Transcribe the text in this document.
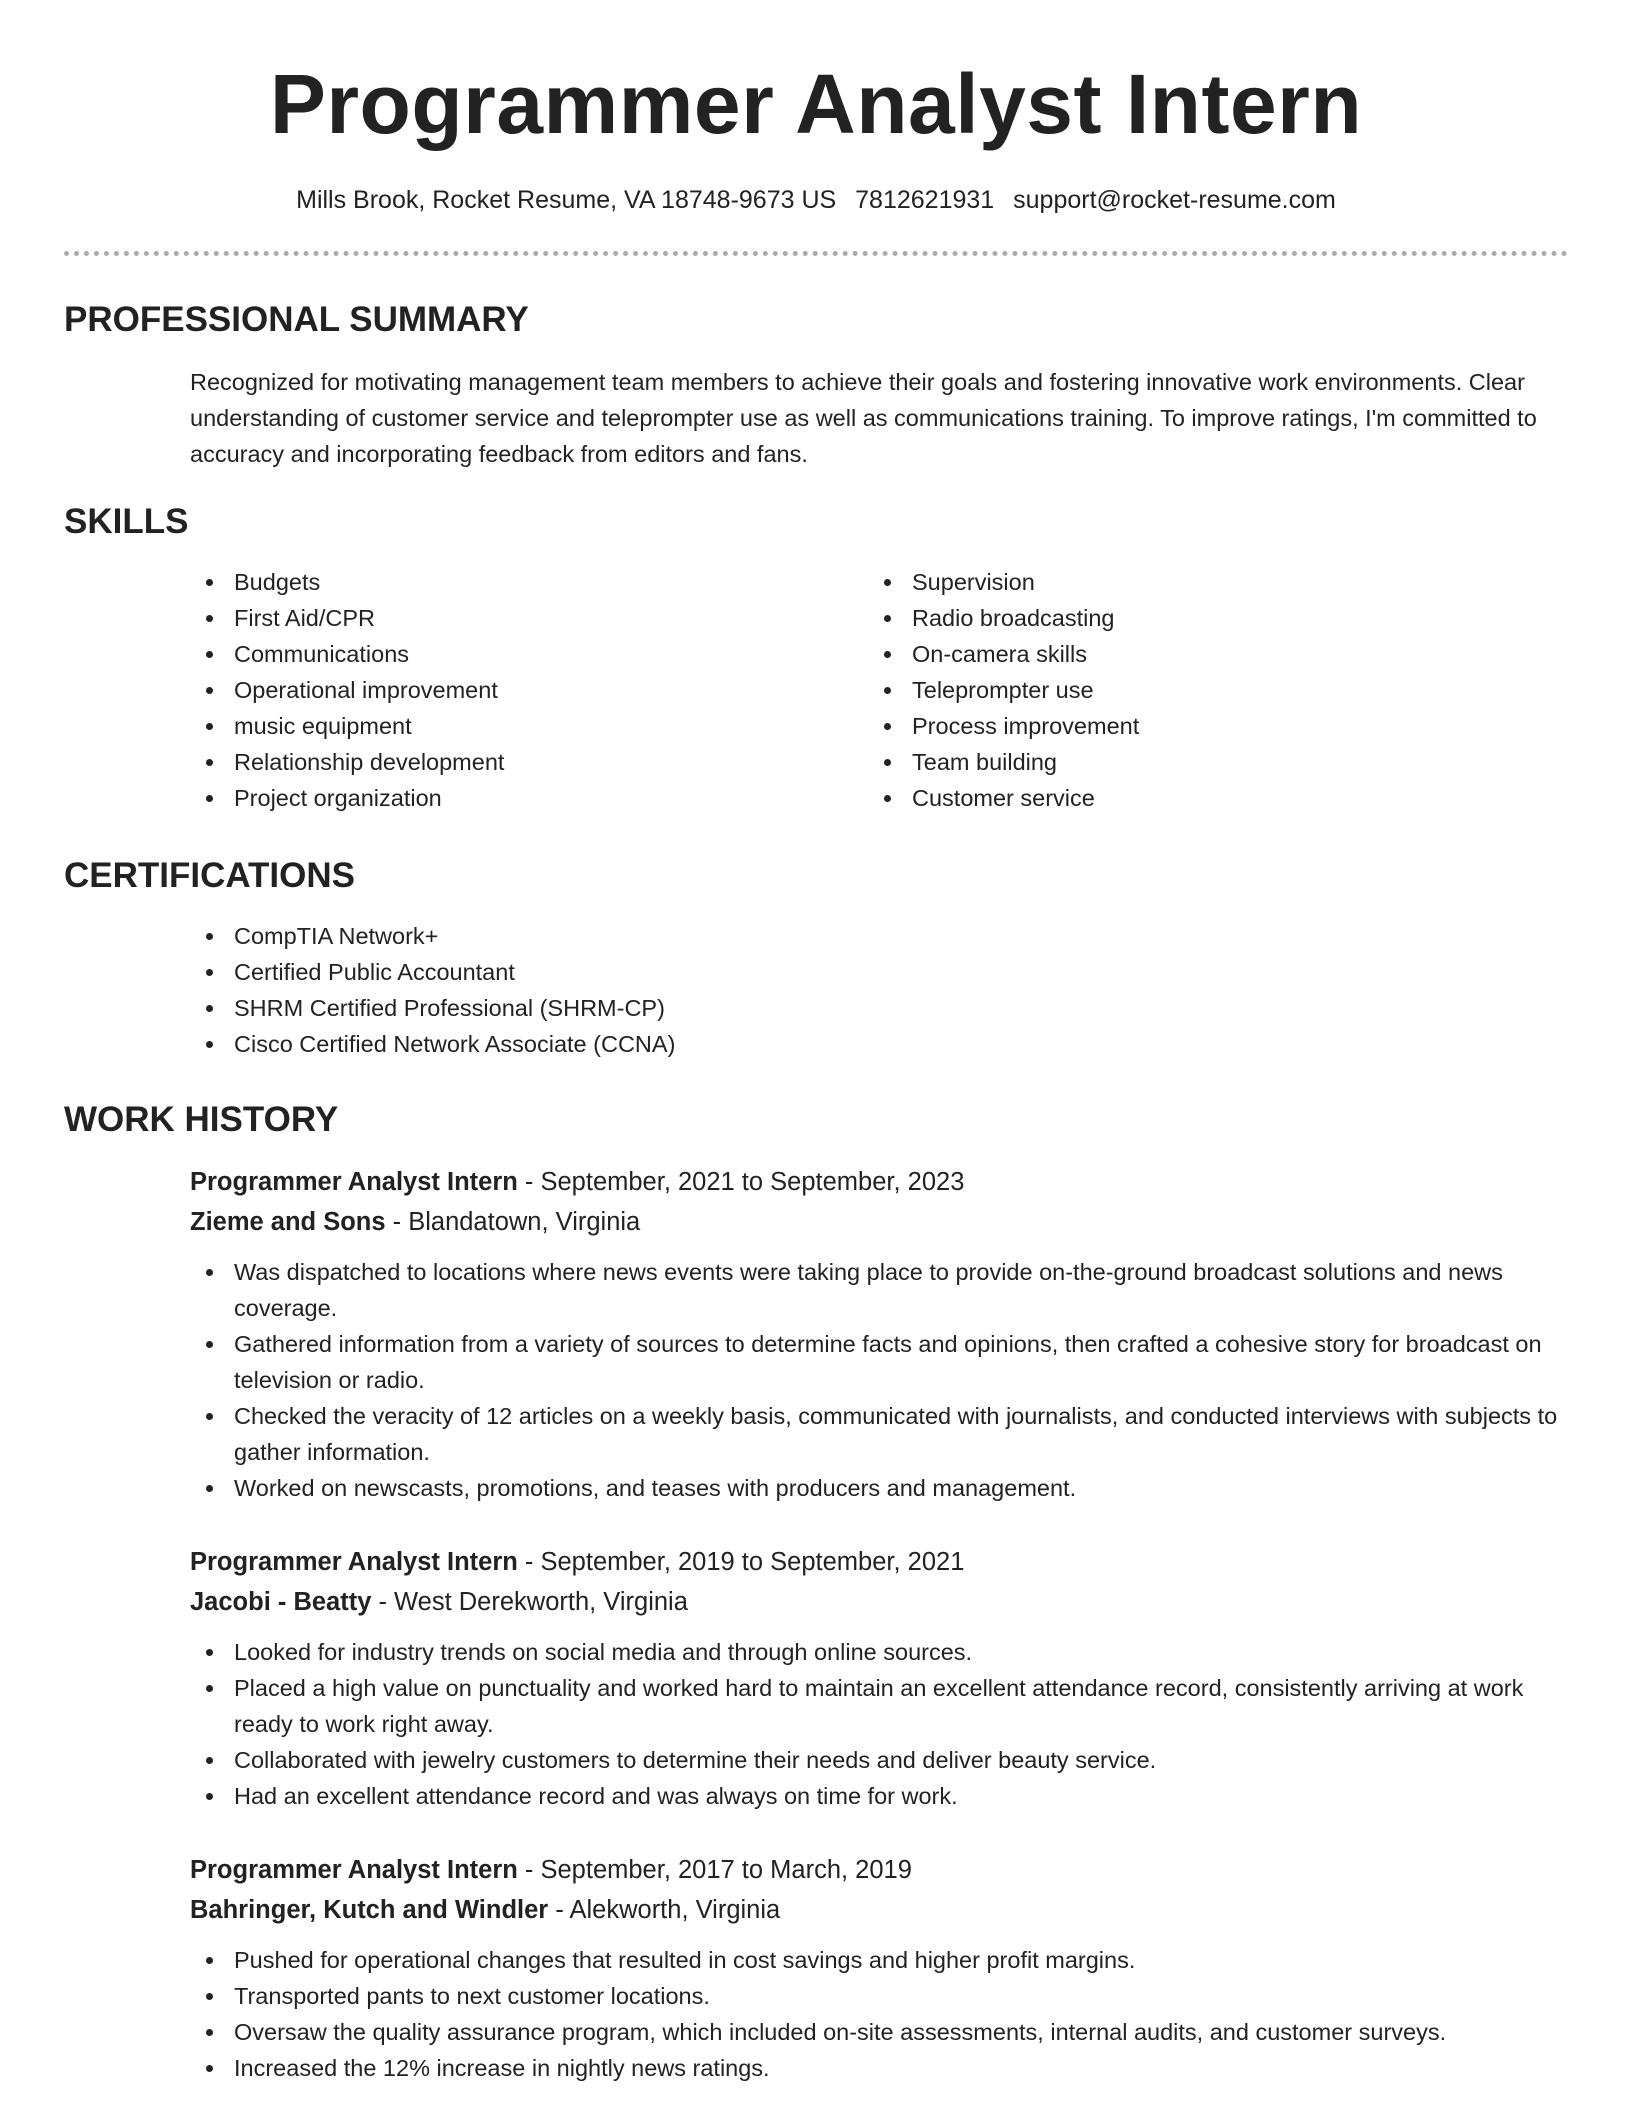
Programmer Analyst Intern
Mills Brook, Rocket Resume, VA 18748-9673 US 7812621931 support@rocket-resume.com
PROFESSIONAL SUMMARY

Recognized for motivating management team members to achieve their goals and fostering innovative work environments. Clear understanding of customer service and teleprompter use as well as communications training. To improve ratings, I'm committed to accuracy and incorporating feedback from editors and fans.

SKILLS
Budgets
First Aid/CPR
Communications
Operational improvement
music equipment
Relationship development
Project organization
Supervision
Radio broadcasting
On-camera skills
Teleprompter use
Process improvement
Team building
Customer service
CERTIFICATIONS
CompTIA Network+
Certified Public Accountant
SHRM Certified Professional (SHRM-CP)
Cisco Certified Network Associate (CCNA)
WORK HISTORY
Programmer Analyst Intern - September, 2021 to September, 2023
Zieme and Sons - Blandatown, Virginia
Was dispatched to locations where news events were taking place to provide on-the-ground broadcast solutions and news coverage.
Gathered information from a variety of sources to determine facts and opinions, then crafted a cohesive story for broadcast on television or radio.
Checked the veracity of 12 articles on a weekly basis, communicated with journalists, and conducted interviews with subjects to gather information.
Worked on newscasts, promotions, and teases with producers and management.
Programmer Analyst Intern - September, 2019 to September, 2021
Jacobi - Beatty - West Derekworth, Virginia
Looked for industry trends on social media and through online sources.
Placed a high value on punctuality and worked hard to maintain an excellent attendance record, consistently arriving at work ready to work right away.
Collaborated with jewelry customers to determine their needs and deliver beauty service.
Had an excellent attendance record and was always on time for work.
Programmer Analyst Intern - September, 2017 to March, 2019
Bahringer, Kutch and Windler - Alekworth, Virginia
Pushed for operational changes that resulted in cost savings and higher profit margins.
Transported pants to next customer locations.
Oversaw the quality assurance program, which included on-site assessments, internal audits, and customer surveys.
Increased the 12% increase in nightly news ratings.
